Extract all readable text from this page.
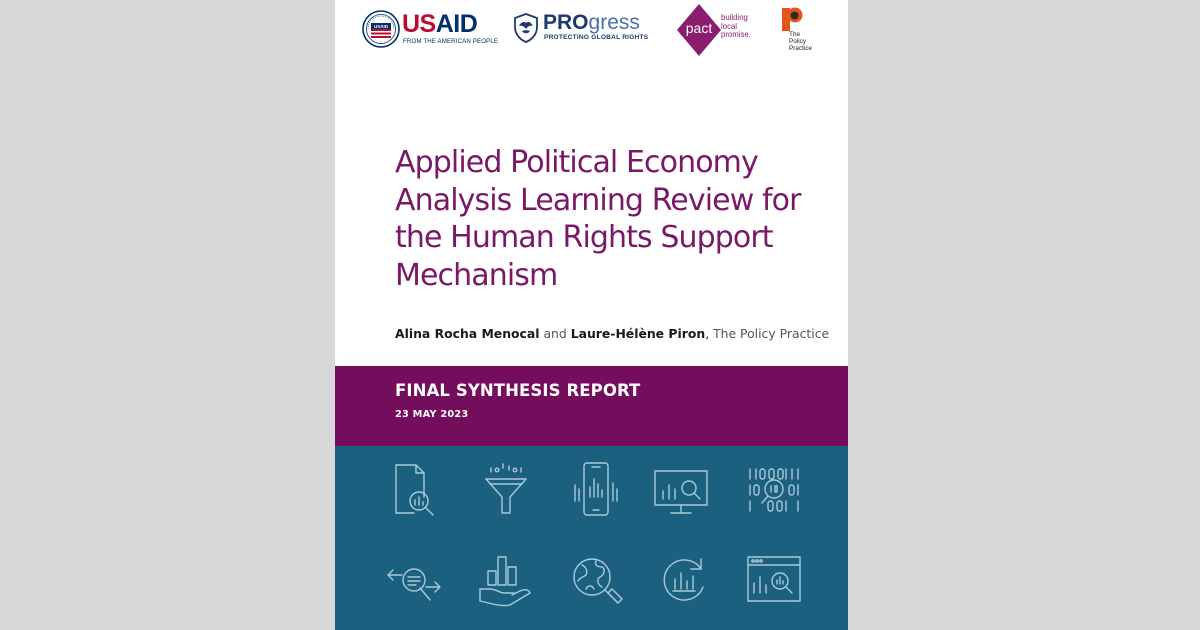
USAID USAID
FROM THE AMERICAN PEOPLE
PROgress
PROTECTING GLOBAL RIGHTS
pact
building
local
promise.	The
Policy
Practice
Applied Political Economy Analysis Learning Review for the Human Rights Support Mechanism
Alina Rocha Menocal and Laure-Hélène Piron, The Policy Practice
FINAL SYNTHESIS REPORT
23 MAY 2023
